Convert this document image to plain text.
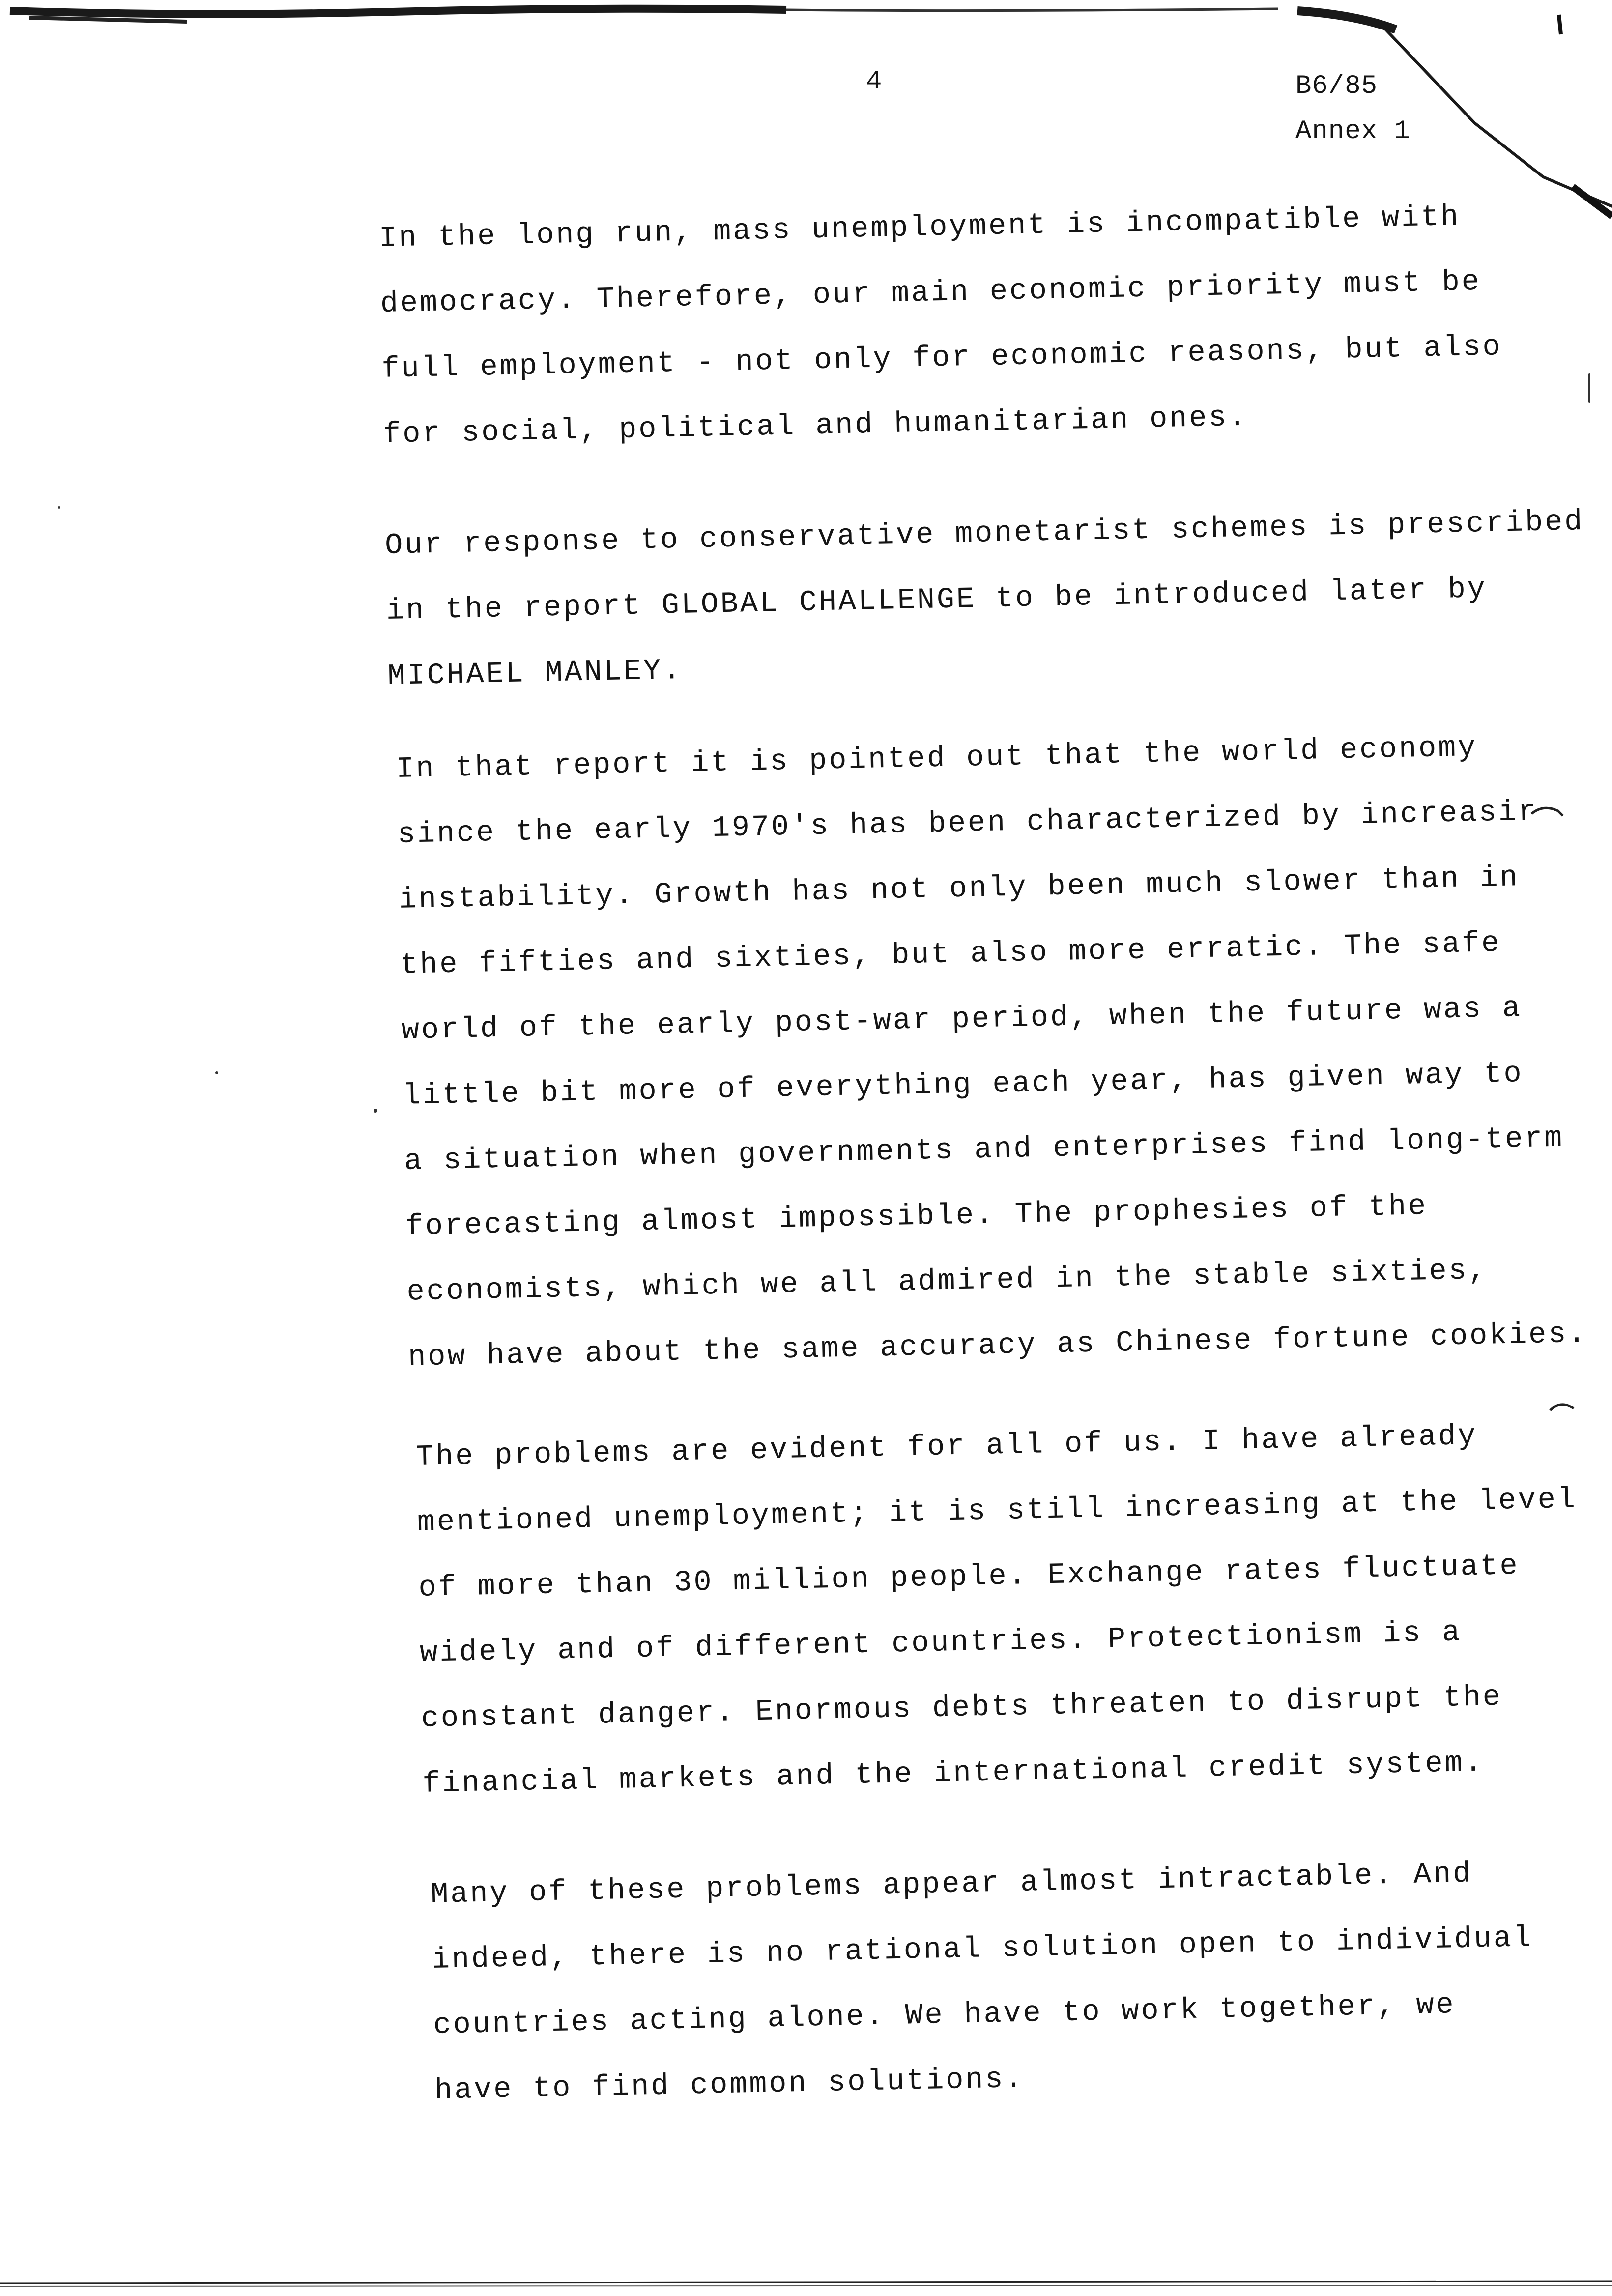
4	B6/85
Annex 1
In the long run, mass unemployment is incompatible with
democracy. Therefore, our main economic priority must be
full employment - not only for economic reasons, but also
for social, political and humanitarian ones.
Our response to conservative monetarist schemes is prescribed
in the report GLOBAL CHALLENGE to be introduced later by
MICHAEL MANLEY.
In that report it is pointed out that the world economy
since the early 1970's has been characterized by increasir
instability. Growth has not only been much slower than in
the fifties and sixties, but also more erratic. The safe
world of the early post-war period, when the future was a
little bit more of everything each year, has given way to
a situation when governments and enterprises find long-term
forecasting almost impossible. The prophesies of the
economists, which we all admired in the stable sixties,
now have about the same accuracy as Chinese fortune cookies.
The problems are evident for all of us. I have already
mentioned unemployment; it is still increasing at the level
of more than 30 million people. Exchange rates fluctuate
widely and of different countries. Protectionism is a
constant danger. Enormous debts threaten to disrupt the
financial markets and the international credit system.
Many of these problems appear almost intractable. And
indeed, there is no rational solution open to individual
countries acting alone. We have to work together, we
have to find common solutions.
